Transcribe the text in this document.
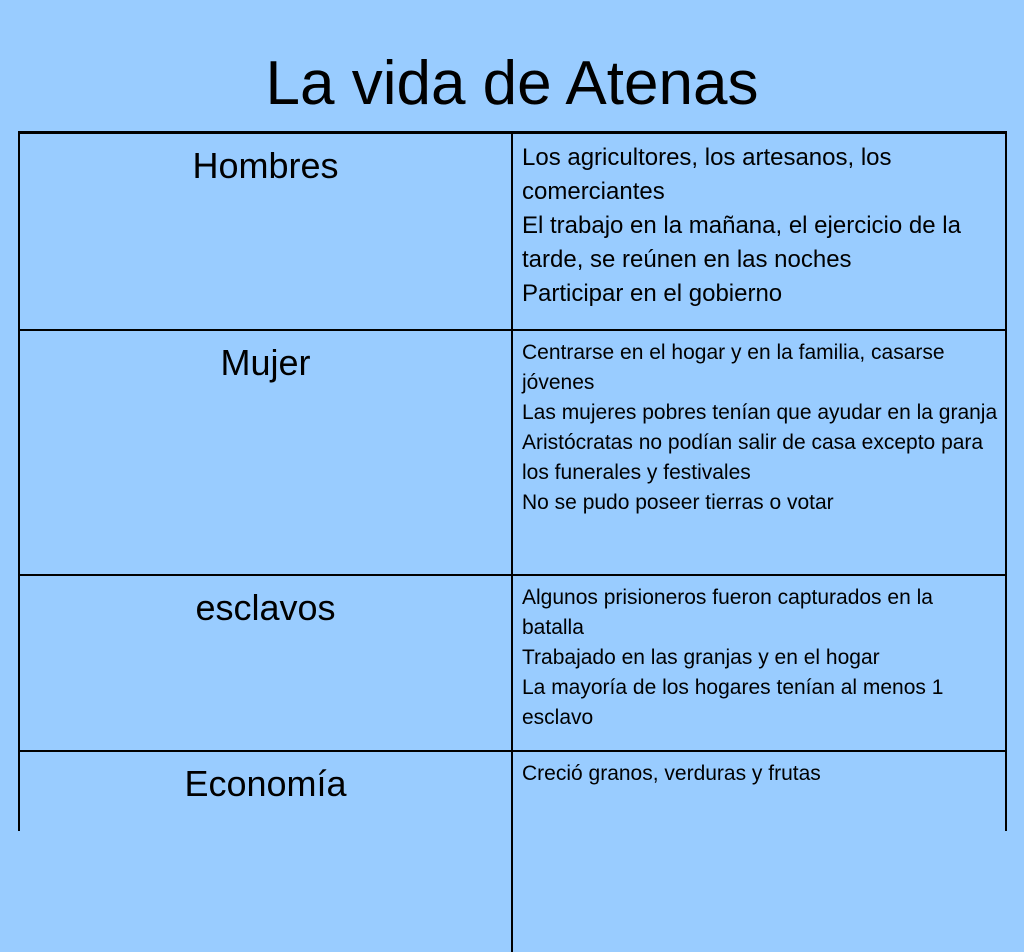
La vida de Atenas
Hombres	Los agricultores, los artesanos, los comerciantes

El trabajo en la mañana, el ejercicio de la tarde, se reúnen en las noches

Participar en el gobierno

Mujer	Centrarse en el hogar y en la familia, casarse jóvenes

Las mujeres pobres tenían que ayudar en la granja

Aristócratas no podían salir de casa excepto para los funerales y festivales

No se pudo poseer tierras o votar

esclavos	Algunos prisioneros fueron capturados en la batalla

Trabajado en las granjas y en el hogar

La mayoría de los hogares tenían al menos 1 esclavo

Economía	Creció granos, verduras y frutas
